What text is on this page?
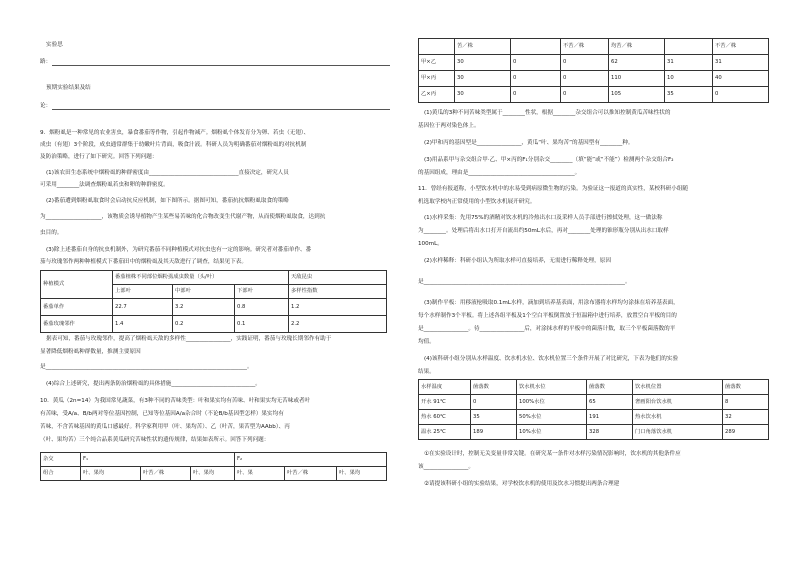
实验思
路：
预期实验结果及结
论：
9．烟粉虱是一种常见的农业害虫，暴食番茄等作物，引起作物减产。烟粉虱个体发育分为卵、若虫（无翅）、
成虫（有翅）3个阶段，成虫通常群集于幼嫩叶片背面，吸食汁液。科研人员为明确番茄对烟粉虱的对抗机制
及防治策略，进行了如下研究。回答下列问题：
(1)该农田生态系统中烟粉虱的种群密度由________________________________直接决定，研究人员
可采用________法调查烟粉虱若虫和卵的种群密度。
(2)番茄遭到烟粉虱取食时会启动抗反应机制，如下图所示。据图可知，番茄抗抗烟粉虱取食的策略
为____________________，该物质会诱导植物产生某些易苦味的化合物改变生代谢产物，从而使烟粉虱取食，达到抗
虫目的。
(3)除上述番茄自身的抗虫机制外，为研究番茄不同种植模式对抗虫也有一定的影响。研究者对番茄单作、番
茄与玫瑰邻作两种种植模式下番茄田中的烟粉虱及其天敌进行了调查，结果见下表。
种植模式	番茄植株不同部位烟粉虱成虫数量（头/叶）			天敌昆虫
	上部叶	中部叶	下部叶	多样性指数
番茄单作	22.7	3.2	0.8	1.2
番茄玫瑰邻作	1.4	0.2	0.1	2.2
据表可知，番茄与玫瑰邻作，提高了烟粉虱天敌的多样性________________，实践证明，番茄与玫瑰长期邻作有助于
显著降低烟粉虱种群数量，推测主要原因
是________________________________________________________________________。
(4)综合上述研究，提出两条防治烟粉虱的具体措施______________________________。
10．黄瓜（2n=14）为我国常见蔬菜，有3种不同的苦味类型：叶和果实均有苦味、叶和果实均无苦味或者叶
有苦味，受A/a、B/b两对等位基因控制，已知等位基因A/a杂合时（不论B/b基因型怎样）果实均有
苦味，不含苦味基因的黄瓜口感最好。科学家利用甲（叶、果均苦）、乙（叶苦，果苦型为AAbb）、丙
（叶、果均苦）三个纯合品系黄瓜研究苦味性状的遗传规律，结果如表所示。回答下列问题：
杂交	F₁			F₂		
组合	叶、果均	叶苦／株	叶、果均	叶、果	叶苦／株	叶、果均
	苦／株		不苦／株	均苦／株		不苦／株
甲×乙	30	0	0	62	31	31
甲×丙	30	0	0	110	10	40
乙×丙	30	0	0	105	35	0
(1)黄瓜的3种不同苦味类型属于________性状，根据________杂交组合可以推知控制黄瓜苦味性状的
基因位于两对染色体上。
(2)甲和丙的基因型是________________，黄瓜“叶、果均苦”的基因型有________种。
(3)用品系甲与杂交组合甲·乙、甲×丙的F₁分别杂交________（填“能”或“不能”）检测两个杂交组合F₂
的基因组成，理由是______________________________________。
11．曾经有报道称，小型饮水机中的水易受到病原微生物的污染。为验证这一报道的真实性，某校科研小组随
机选取学校内正常使用的小型饮水机展开研究。
(1)水样采集：先用75%的酒精对饮水机的冷热出水口及采样人员手部进行擦拭处理，这一做法称
为________。处理后将出水口打开自流出约50mL水后，再对________处理的锥形瓶分别从出水口取样
100mL。
(2)水样稀释：科研小组认为所取水样可直接培养，无需进行稀释处理，原因
是________________________________________________________________________。
(3)制作平板：用移液枪吸取0.1mL水样，滴加到培养基表面，用涂布器将水样均匀涂抹在培养基表面，
每个水样制作3个平板。将上述各组平板及1个空白平板倒置放于恒温箱中进行培养，放置空白平板的目的
是________________。待________________后，对涂抹水样的平板中的菌落计数，取三个平板菌落数的平
均值。
(4)该科研小组分别从水样温度、饮水机水位、饮水机位置三个条件开展了对比研究，下表为他们的实验
结果。
水样温度	菌落数	饮水机水位	菌落数	饮水机位置	菌落数
开水 91℃	0	100%水位	65	奢画阳台饮水机	8
热水 60℃	35	50%水位	191	热水饮水机	32
温水 25℃	189	10%水位	328	门口角落饮水机	289
①在实验设计时，控制无关变量非常关键。在研究某一条件对水样污染情况影响时，饮水机的其他条件应
该________________。
②请提该科研小组的实验结果，对学校饮水机的使用及饮水习惯提出两条合理建
